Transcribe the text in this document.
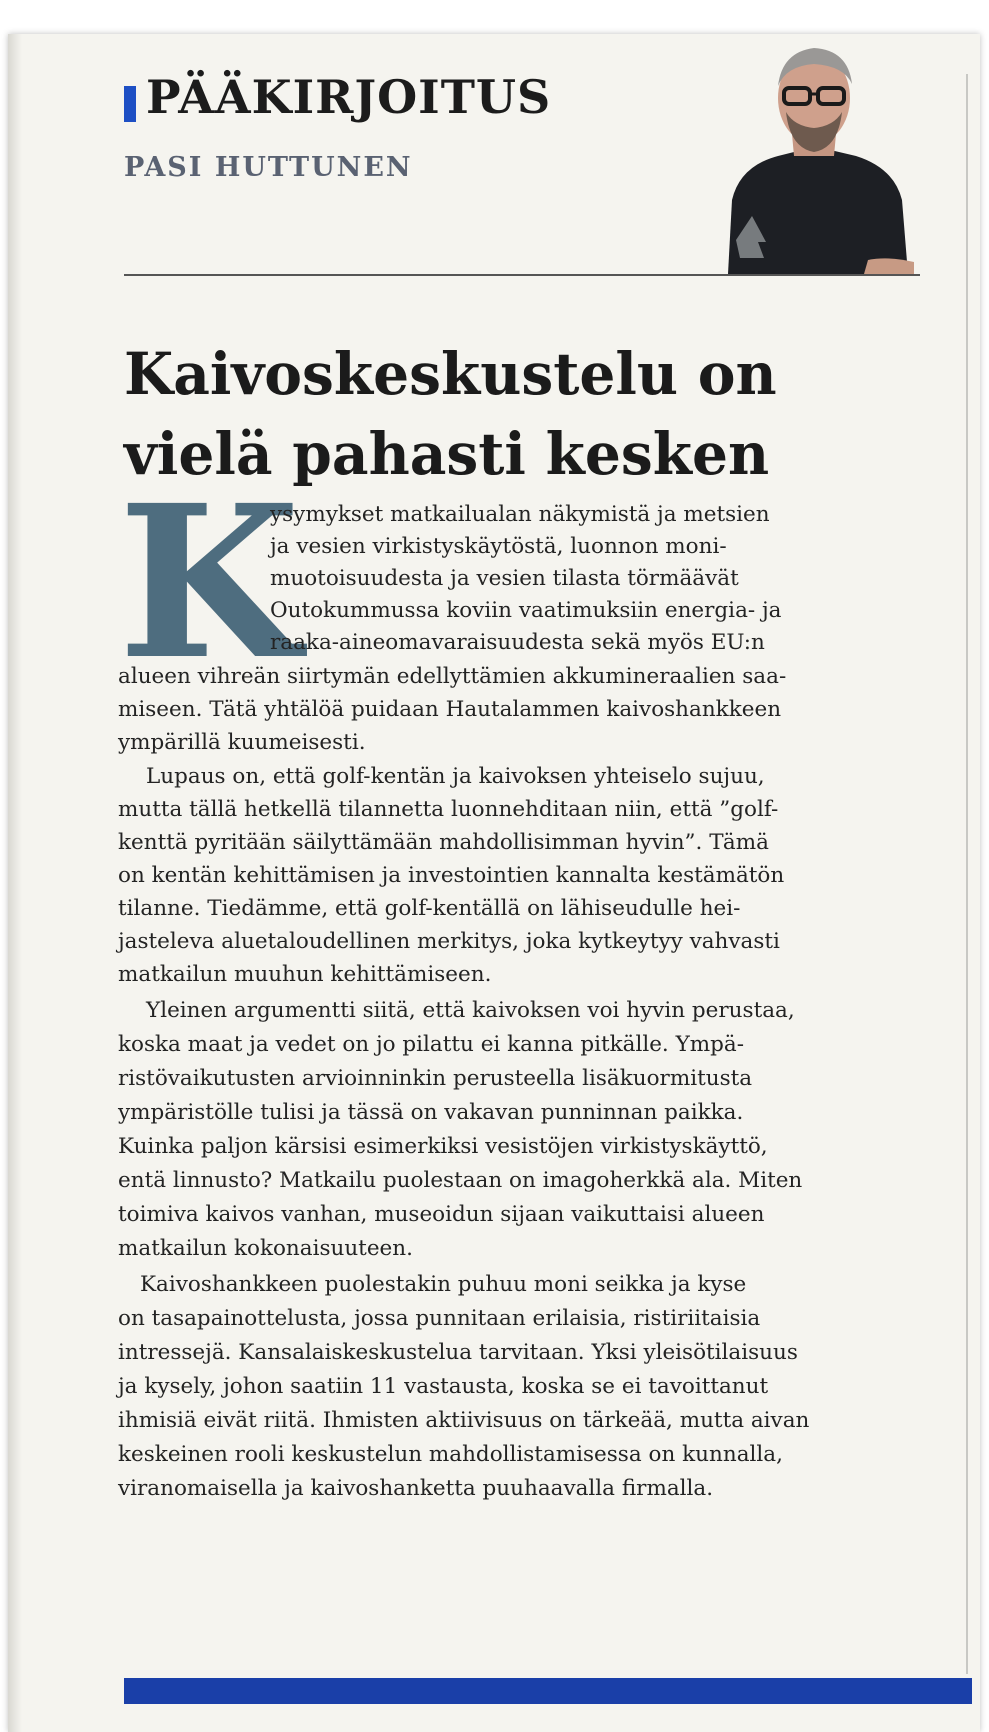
PÄÄKIRJOITUS
PASI HUTTUNEN
Kaivoskeskustelu on
vielä pahasti kesken
K
ysymykset matkailualan näkymistä ja metsien
ja vesien virkistyskäytöstä, luonnon moni-
muotoisuudesta ja vesien tilasta törmäävät
Outokummussa koviin vaatimuksiin energia- ja
raaka-aineomavaraisuudesta sekä myös EU:n
alueen vihreän siirtymän edellyttämien akkumineraalien saa-
miseen. Tätä yhtälöä puidaan Hautalammen kaivoshankkeen
ympärillä kuumeisesti.
Lupaus on, että golf-kentän ja kaivoksen yhteiselo sujuu,
mutta tällä hetkellä tilannetta luonnehditaan niin, että ”golf-
kenttä pyritään säilyttämään mahdollisimman hyvin”. Tämä
on kentän kehittämisen ja investointien kannalta kestämätön
tilanne. Tiedämme, että golf-kentällä on lähiseudulle hei-
jasteleva aluetaloudellinen merkitys, joka kytkeytyy vahvasti
matkailun muuhun kehittämiseen.
Yleinen argumentti siitä, että kaivoksen voi hyvin perustaa,
koska maat ja vedet on jo pilattu ei kanna pitkälle. Ympä-
ristövaikutusten arvioinninkin perusteella lisäkuormitusta
ympäristölle tulisi ja tässä on vakavan punninnan paikka.
Kuinka paljon kärsisi esimerkiksi vesistöjen virkistyskäyttö,
entä linnusto? Matkailu puolestaan on imagoherkkä ala. Miten
toimiva kaivos vanhan, museoidun sijaan vaikuttaisi alueen
matkailun kokonaisuuteen.
Kaivoshankkeen puolestakin puhuu moni seikka ja kyse
on tasapainottelusta, jossa punnitaan erilaisia, ristiriitaisia
intressejä. Kansalaiskeskustelua tarvitaan. Yksi yleisötilaisuus
ja kysely, johon saatiin 11 vastausta, koska se ei tavoittanut
ihmisiä eivät riitä. Ihmisten aktiivisuus on tärkeää, mutta aivan
keskeinen rooli keskustelun mahdollistamisessa on kunnalla,
viranomaisella ja kaivoshanketta puuhaavalla firmalla.
